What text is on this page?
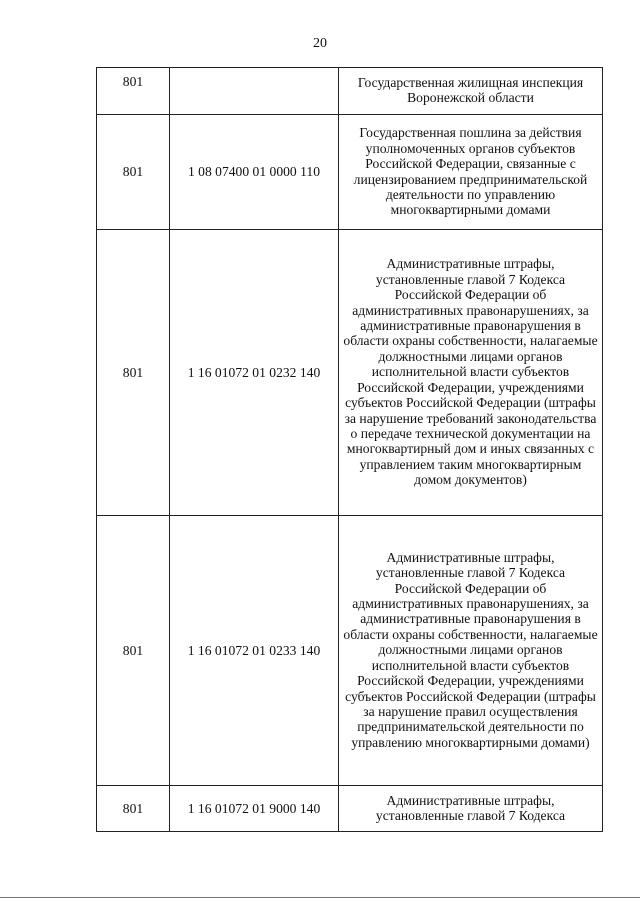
20
801		Государственная жилищная инспекция Воронежской области
801	1 08 07400 01 0000 110	Государственная пошлина за действия уполномоченных органов субъектов Российской Федерации, связанные с лицензированием предпринимательской деятельности по управлению многоквартирными домами
801	1 16 01072 01 0232 140	Административные штрафы, установленные главой 7 Кодекса Российской Федерации об административных правонарушениях, за административные правонарушения в области охраны собственности, налагаемые должностными лицами органов исполнительной власти субъектов Российской Федерации, учреждениями субъектов Российской Федерации (штрафы за нарушение требований законодательства о передаче технической документации на многоквартирный дом и иных связанных с управлением таким многоквартирным домом документов)
801	1 16 01072 01 0233 140	Административные штрафы, установленные главой 7 Кодекса Российской Федерации об административных правонарушениях, за административные правонарушения в области охраны собственности, налагаемые должностными лицами органов исполнительной власти субъектов Российской Федерации, учреждениями субъектов Российской Федерации (штрафы за нарушение правил осуществления предпринимательской деятельности по управлению многоквартирными домами)
801	1 16 01072 01 9000 140	Административные штрафы, установленные главой 7 Кодекса
